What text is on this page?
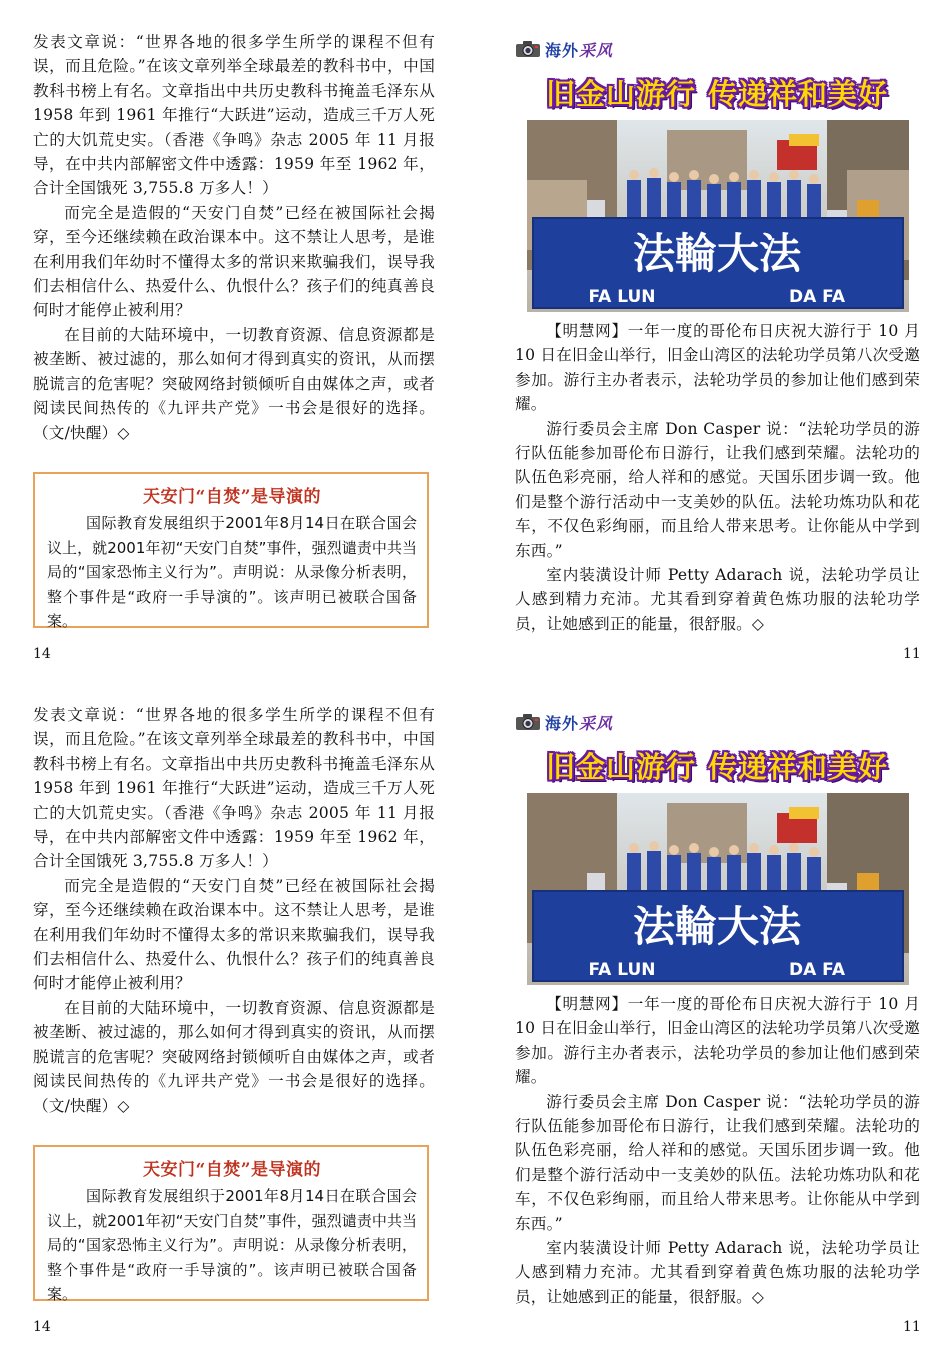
发表文章说：“世界各地的很多学生所学的课程不但有误，而且危险。”在该文章列举全球最差的教科书中，中国教科书榜上有名。文章指出中共历史教科书掩盖毛泽东从 1958 年到 1961 年推行“大跃进”运动，造成三千万人死亡的大饥荒史实。（香港《争鸣》杂志 2005 年 11 月报导，在中共内部解密文件中透露：1959 年至 1962 年，合计全国饿死 3,755.8 万多人！）

而完全是造假的“天安门自焚”已经在被国际社会揭穿，至今还继续赖在政治课本中。这不禁让人思考，是谁在利用我们年幼时不懂得太多的常识来欺骗我们，误导我们去相信什么、热爱什么、仇恨什么？孩子们的纯真善良何时才能停止被利用？

在目前的大陆环境中，一切教育资源、信息资源都是被垄断、被过滤的，那么如何才得到真实的资讯，从而摆脱谎言的危害呢？突破网络封锁倾听自由媒体之声，或者阅读民间热传的《九评共产党》一书会是很好的选择。（文/快醒）◇

天安门“自焚”是导演的

国际教育发展组织于2001年8月14日在联合国会议上，就2001年初“天安门自焚”事件，强烈谴责中共当局的“国家恐怖主义行为”。声明说：从录像分析表明，整个事件是“政府一手导演的”。该声明已被联合国备案。

14
海外采风
旧金山游行 传递祥和美好
法輪大法
FA LUN	DA FA

【明慧网】一年一度的哥伦布日庆祝大游行于 10 月 10 日在旧金山举行，旧金山湾区的法轮功学员第八次受邀参加。游行主办者表示，法轮功学员的参加让他们感到荣耀。

游行委员会主席 Don Casper 说：“法轮功学员的游行队伍能参加哥伦布日游行，让我们感到荣耀。法轮功的队伍色彩亮丽，给人祥和的感觉。天国乐团步调一致。他们是整个游行活动中一支美妙的队伍。法轮功炼功队和花车，不仅色彩绚丽，而且给人带来思考。让你能从中学到东西。”

室内装潢设计师 Petty Adarach 说，法轮功学员让人感到精力充沛。尤其看到穿着黄色炼功服的法轮功学员，让她感到正的能量，很舒服。◇

11

发表文章说：“世界各地的很多学生所学的课程不但有误，而且危险。”在该文章列举全球最差的教科书中，中国教科书榜上有名。文章指出中共历史教科书掩盖毛泽东从 1958 年到 1961 年推行“大跃进”运动，造成三千万人死亡的大饥荒史实。（香港《争鸣》杂志 2005 年 11 月报导，在中共内部解密文件中透露：1959 年至 1962 年，合计全国饿死 3,755.8 万多人！）

而完全是造假的“天安门自焚”已经在被国际社会揭穿，至今还继续赖在政治课本中。这不禁让人思考，是谁在利用我们年幼时不懂得太多的常识来欺骗我们，误导我们去相信什么、热爱什么、仇恨什么？孩子们的纯真善良何时才能停止被利用？

在目前的大陆环境中，一切教育资源、信息资源都是被垄断、被过滤的，那么如何才得到真实的资讯，从而摆脱谎言的危害呢？突破网络封锁倾听自由媒体之声，或者阅读民间热传的《九评共产党》一书会是很好的选择。（文/快醒）◇

天安门“自焚”是导演的

国际教育发展组织于2001年8月14日在联合国会议上，就2001年初“天安门自焚”事件，强烈谴责中共当局的“国家恐怖主义行为”。声明说：从录像分析表明，整个事件是“政府一手导演的”。该声明已被联合国备案。

14
海外采风
旧金山游行 传递祥和美好
法輪大法
FA LUN	DA FA

【明慧网】一年一度的哥伦布日庆祝大游行于 10 月 10 日在旧金山举行，旧金山湾区的法轮功学员第八次受邀参加。游行主办者表示，法轮功学员的参加让他们感到荣耀。

游行委员会主席 Don Casper 说：“法轮功学员的游行队伍能参加哥伦布日游行，让我们感到荣耀。法轮功的队伍色彩亮丽，给人祥和的感觉。天国乐团步调一致。他们是整个游行活动中一支美妙的队伍。法轮功炼功队和花车，不仅色彩绚丽，而且给人带来思考。让你能从中学到东西。”

室内装潢设计师 Petty Adarach 说，法轮功学员让人感到精力充沛。尤其看到穿着黄色炼功服的法轮功学员，让她感到正的能量，很舒服。◇

11
